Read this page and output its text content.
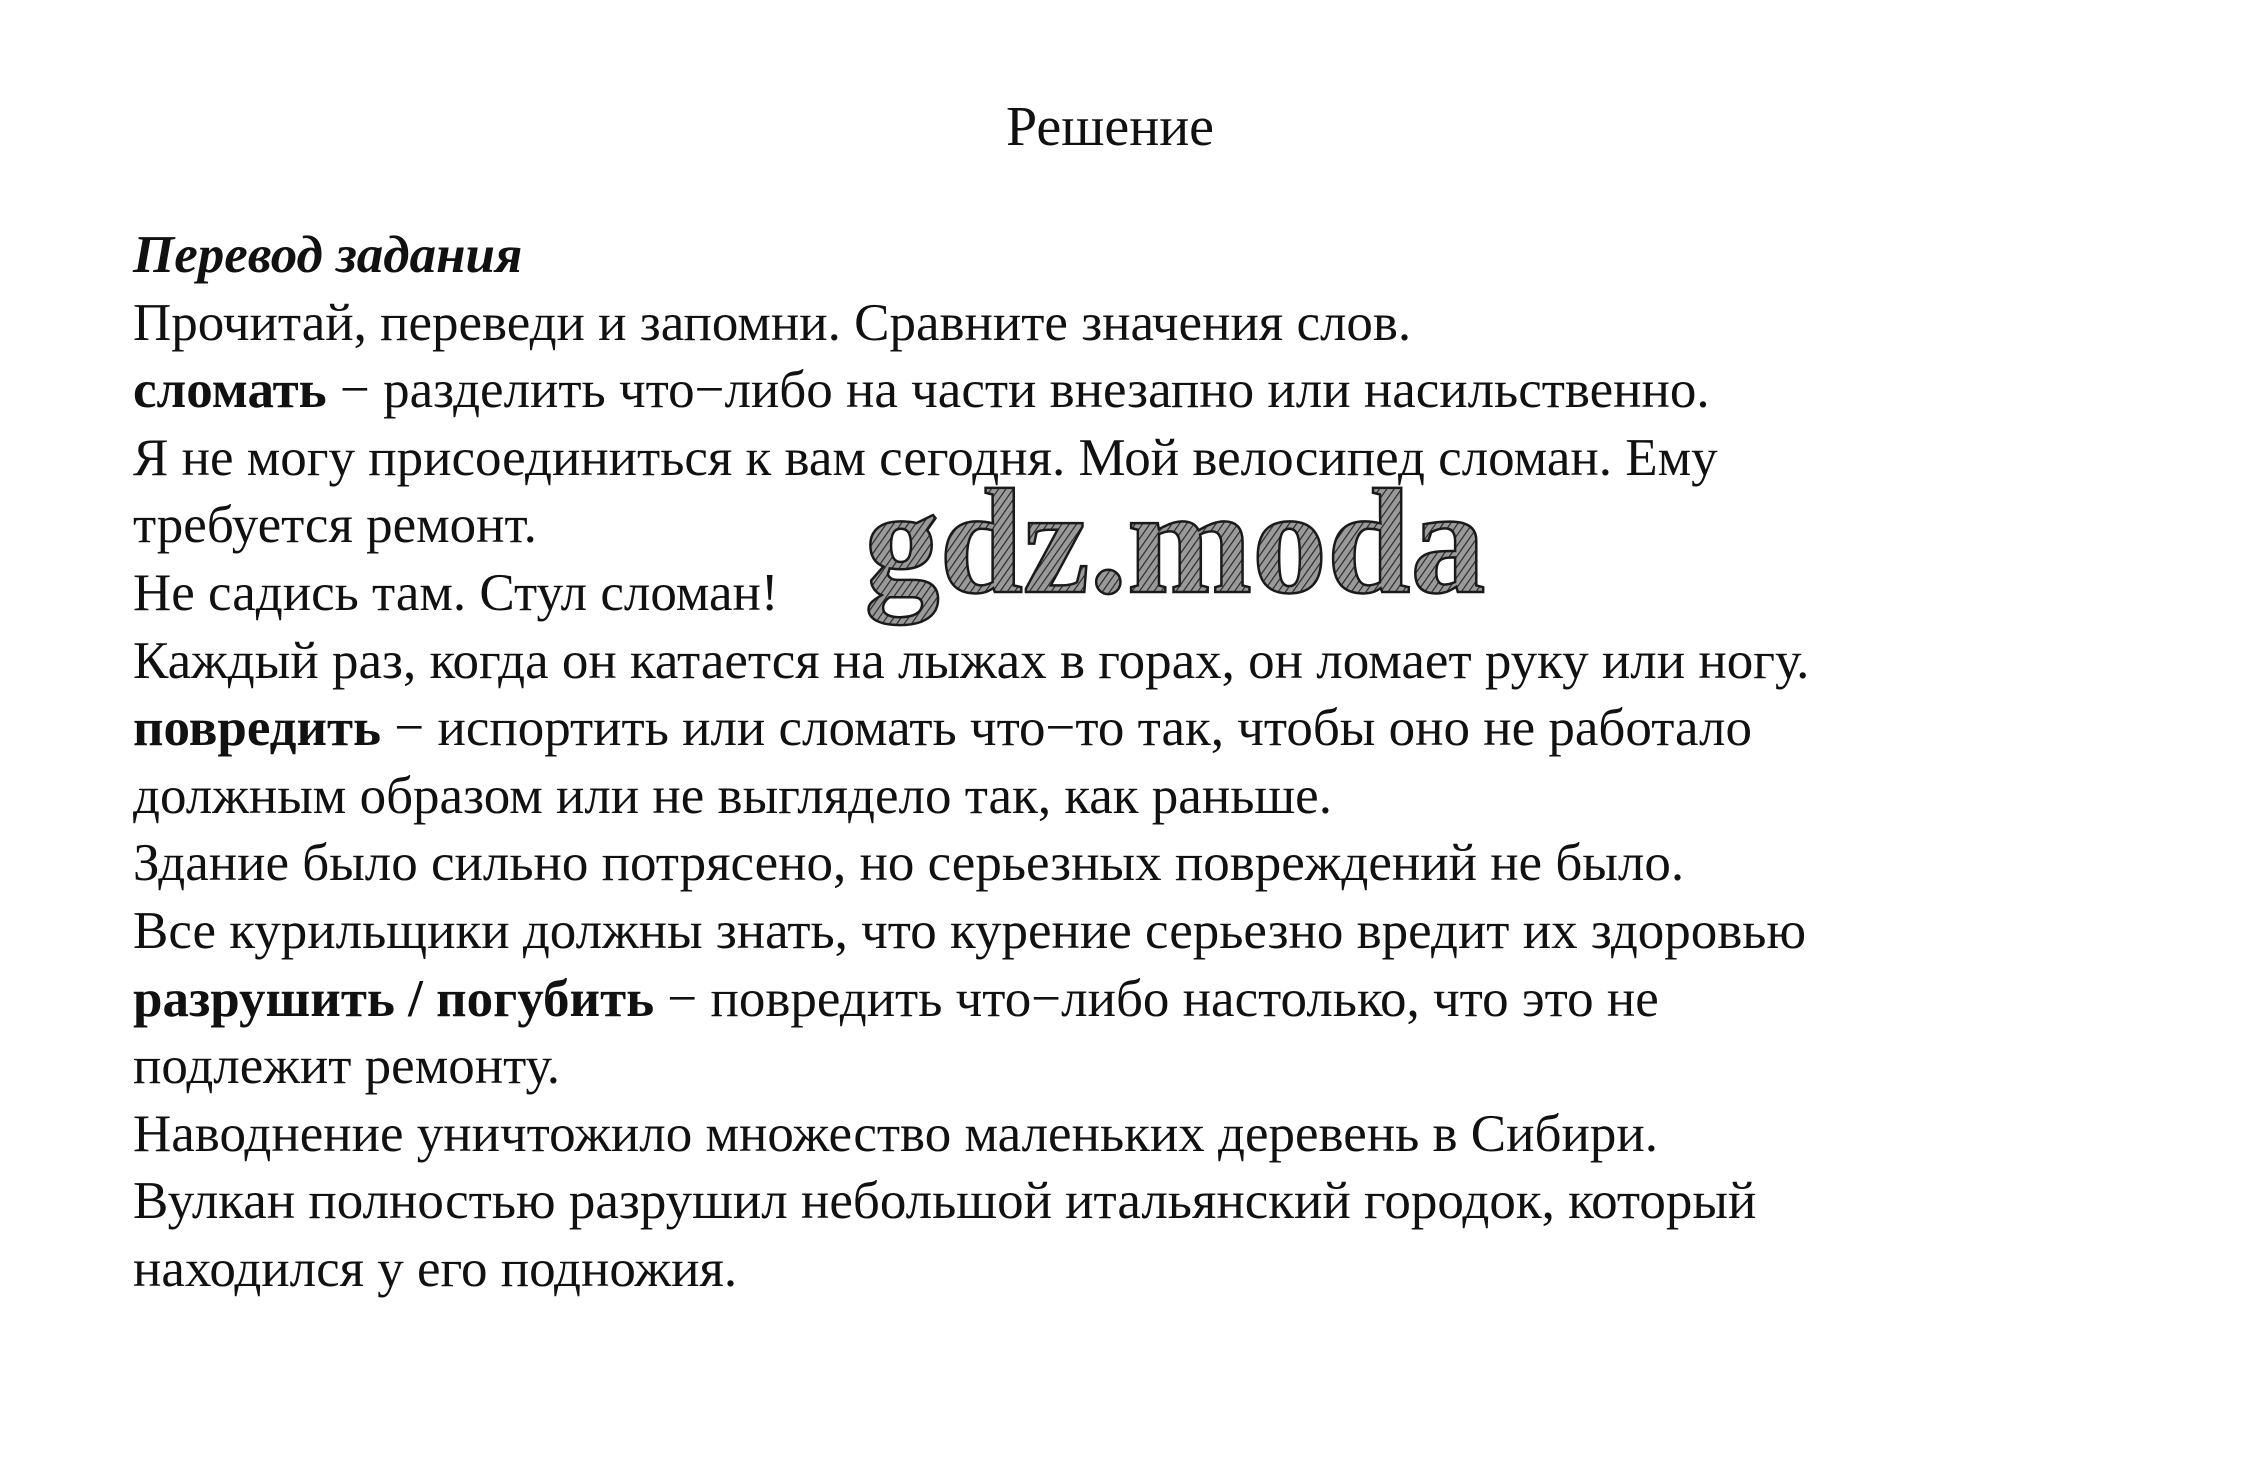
Решение
Перевод задания
Прочитай, переведи и запомни. Сравните значения слов.
сломать − разделить что−либо на части внезапно или насильственно.
Я не могу присоединиться к вам сегодня. Мой велосипед сломан. Ему
требуется ремонт.
Не садись там. Стул сломан!
Каждый раз, когда он катается на лыжах в горах, он ломает руку или ногу.
повредить − испортить или сломать что−то так, чтобы оно не работало
должным образом или не выглядело так, как раньше.
Здание было сильно потрясено, но серьезных повреждений не было.
Все курильщики должны знать, что курение серьезно вредит их здоровью
разрушить / погубить − повредить что−либо настолько, что это не
подлежит ремонту.
Наводнение уничтожило множество маленьких деревень в Сибири.
Вулкан полностью разрушил небольшой итальянский городок, который
находился у его подножия.
gdz.moda
